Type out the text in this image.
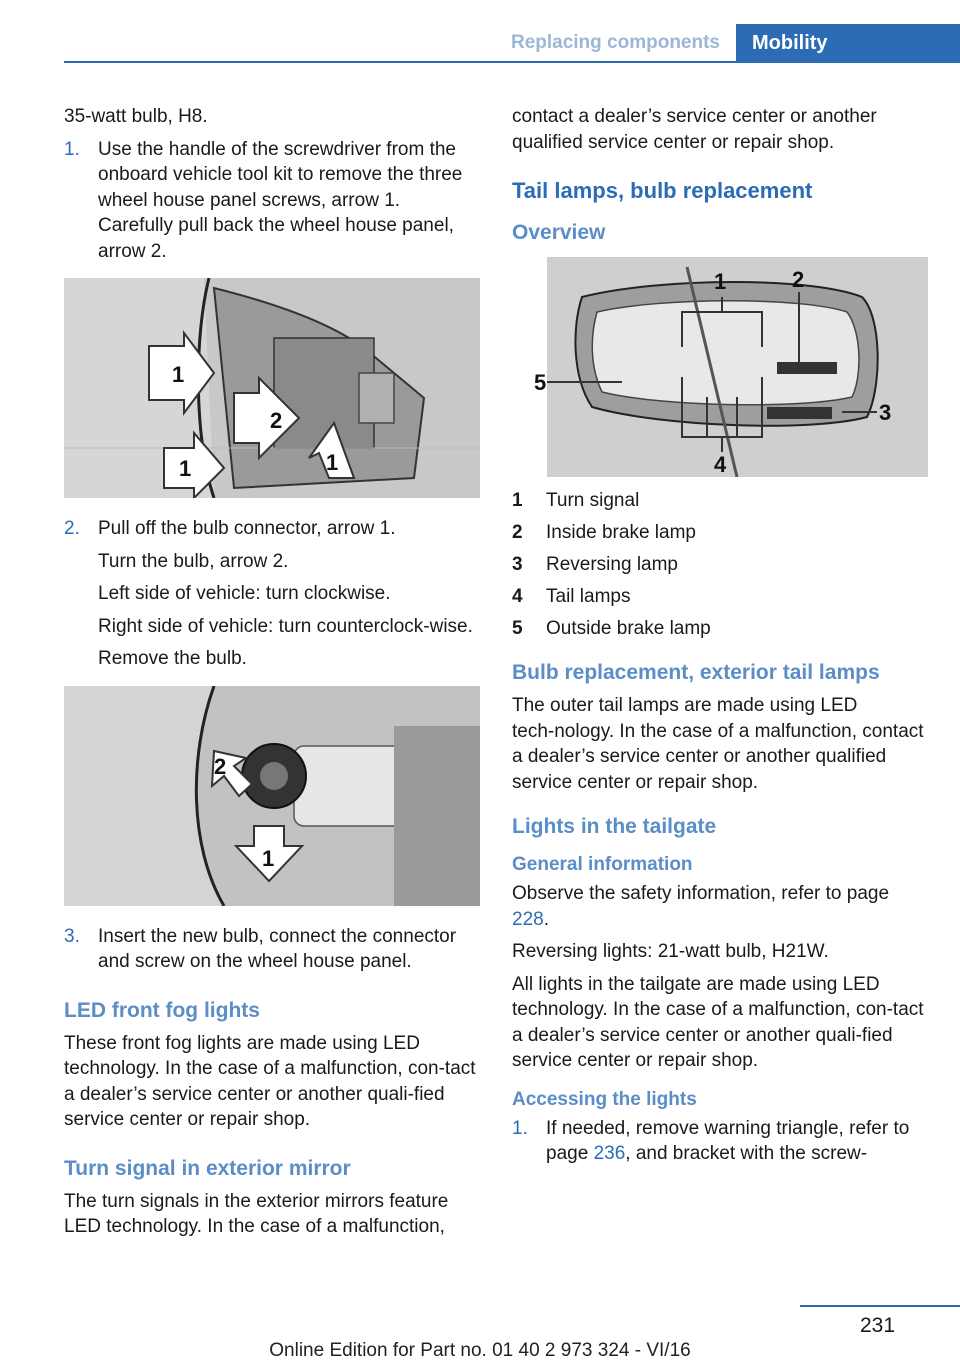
Replacing components	Mobility

35‑watt bulb, H8.

1. Use the handle of the screwdriver from the onboard vehicle tool kit to remove the three wheel house panel screws, arrow 1. Carefully pull back the wheel house panel, arrow 2.
1
2
1	1
2. Pull off the bulb connector, arrow 1.

Turn the bulb, arrow 2.

Left side of vehicle: turn clockwise.

Right side of vehicle: turn counterclock‑wise.

Remove the bulb.

2
1
3. Insert the new bulb, connect the connector and screw on the wheel house panel.
LED front fog lights

These front fog lights are made using LED technology. In the case of a malfunction, con‑tact a dealer’s service center or another quali‑fied service center or repair shop.

Turn signal in exterior mirror

The turn signals in the exterior mirrors feature LED technology. In the case of a malfunction,

contact a dealer’s service center or another qualified service center or repair shop.

Tail lamps, bulb replacement
Overview
1	2
3
4
5
1	Turn signal
2	Inside brake lamp
3	Reversing lamp
4	Tail lamps
5	Outside brake lamp
Bulb replacement, exterior tail lamps

The outer tail lamps are made using LED tech‑nology. In the case of a malfunction, contact a dealer’s service center or another qualified service center or repair shop.

Lights in the tailgate
General information

Observe the safety information, refer to page 228.

Reversing lights: 21‑watt bulb, H21W.

All lights in the tailgate are made using LED technology. In the case of a malfunction, con‑tact a dealer’s service center or another quali‑fied service center or repair shop.

Accessing the lights
1. If needed, remove warning triangle, refer to page 236, and bracket with the screw‑
231
Online Edition for Part no. 01 40 2 973 324 - VI/16
